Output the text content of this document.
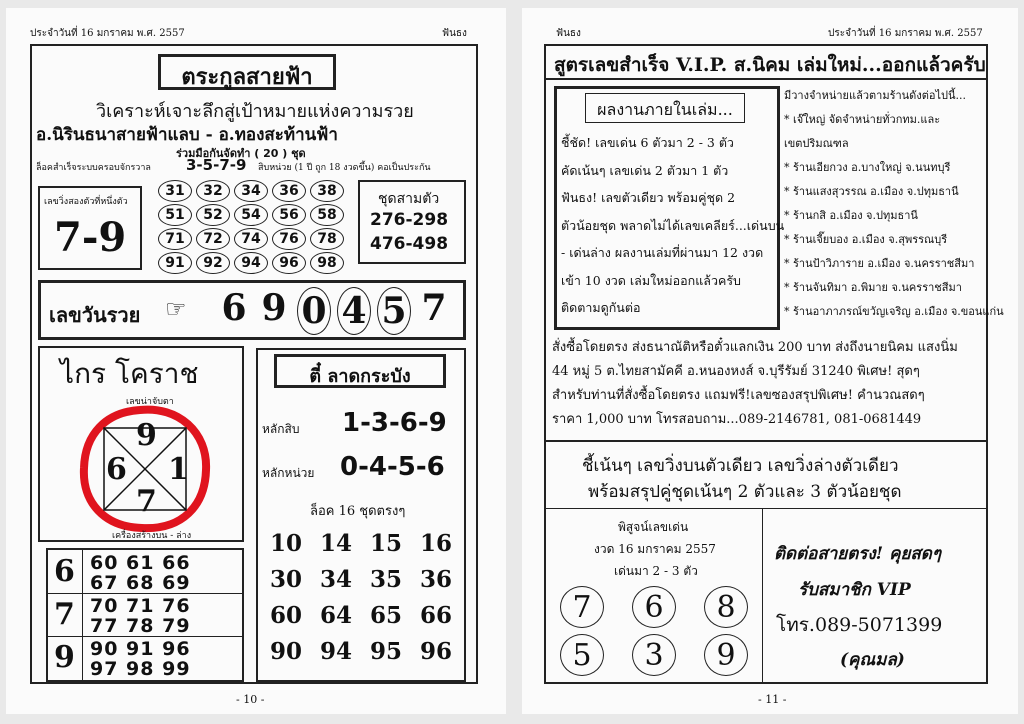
ประจำวันที่ 16 มกราคม พ.ศ. 2557	ฟันธง
ตระกูลสายฟ้า
วิเคราะห์เจาะลึกสู่เป้าหมายแห่งความรวย
อ.นิรินธนาสายฟ้าแลบ - อ.ทองสะท้านฟ้า
ร่วมมือกันจัดทำ ( 20 ) ชุด
ล็อคสำเร็จระบบครอบจักรวาล 3-5-7-9 สิบหน่วย (1 ปี ถูก 18 งวดขึ้น) คอเป็นประกัน
เลขวิ่งสองตัวที่หนึ่งตัว
7-9
ชุดสามตัว
276-298
476-498
เลขวันรวย ☞ 6 9 0 4 5 7
ไกร โคราช
เลขน่าจับตา
9
6 1
7
เครื่องสร้างบน - ล่าง
6 60 61 66
67 68 69
7 70 71 76
77 78 79
9 90 91 96
97 98 99
ตี๋ ลาดกระบัง
หลักสิบ 1-3-6-9
หลักหน่วย 0-4-5-6
ล็อค 16 ชุดตรงๆ
10 14 15 16
30 34 35 36
60 64 65 66
90 94 95 96
- 10 -
31	32	34	36	38
51	52	54	56	58
71	72	74	76	78
91	92	94	96	98
ฟันธง	ประจำวันที่ 16 มกราคม พ.ศ. 2557
สูตรเลขสำเร็จ V.I.P. ส.นิคม เล่มใหม่...ออกแล้วครับ
ผลงานภายในเล่ม...
ชี้ชัด! เลขเด่น 6 ตัวมา 2 - 3 ตัว
คัดเน้นๆ เลขเด่น 2 ตัวมา 1 ตัว
ฟันธง! เลขตัวเดียว พร้อมคู่ชุด 2
ตัวน้อยชุด พลาดไม่ได้เลขเคลียร์...เด่นบน
- เด่นล่าง ผลงานเล่มที่ผ่านมา 12 งวด
เข้า 10 งวด เล่มใหม่ออกแล้วครับ
ติดตามดูกันต่อ
ชี้เน้นๆ เลขวิ่งบนตัวเดียว เลขวิ่งล่างตัวเดียว
พร้อมสรุปคู่ชุดเน้นๆ 2 ตัวและ 3 ตัวน้อยชุด
พิสูจน์เลขเด่น
งวด 16 มกราคม 2557
เด่นมา 2 - 3 ตัว
ติดต่อสายตรง! คุยสดๆ
รับสมาชิก VIP
โทร.089-5071399
(คุณมล)
- 11 -
มีวางจำหน่ายแล้วตามร้านดังต่อไปนี้...
* เจ๊ใหญ่ จัดจำหน่ายทั่วกทม.และ
เขตปริมณฑล
* ร้านเอียกวง อ.บางใหญ่ จ.นนทบุรี
* ร้านแสงสุวรรณ อ.เมือง จ.ปทุมธานี
* ร้านกสิ อ.เมือง จ.ปทุมธานี
* ร้านเจี๊ยบอง อ.เมือง จ.สุพรรณบุรี
* ร้านป้าวิภาราย อ.เมือง จ.นครราชสีมา
* ร้านจันทิมา อ.พิมาย จ.นครราชสีมา
* ร้านอาภาภรณ์ขวัญเจริญ อ.เมือง จ.ขอนแก่น
สั่งซื้อโดยตรง ส่งธนาณัติหรือตั๋วแลกเงิน 200 บาท ส่งถึงนายนิคม แสงนิ่ม
44 หมู่ 5 ต.ไทยสามัคคี อ.หนองหงส์ จ.บุรีรัมย์ 31240 พิเศษ! สุดๆ
สำหรับท่านที่สั่งซื้อโดยตรง แถมฟรี!เลขซองสรุปพิเศษ! คำนวณสดๆ
ราคา 1,000 บาท โทรสอบถาม...089-2146781, 081-0681449
7	6	8
5	3	9
